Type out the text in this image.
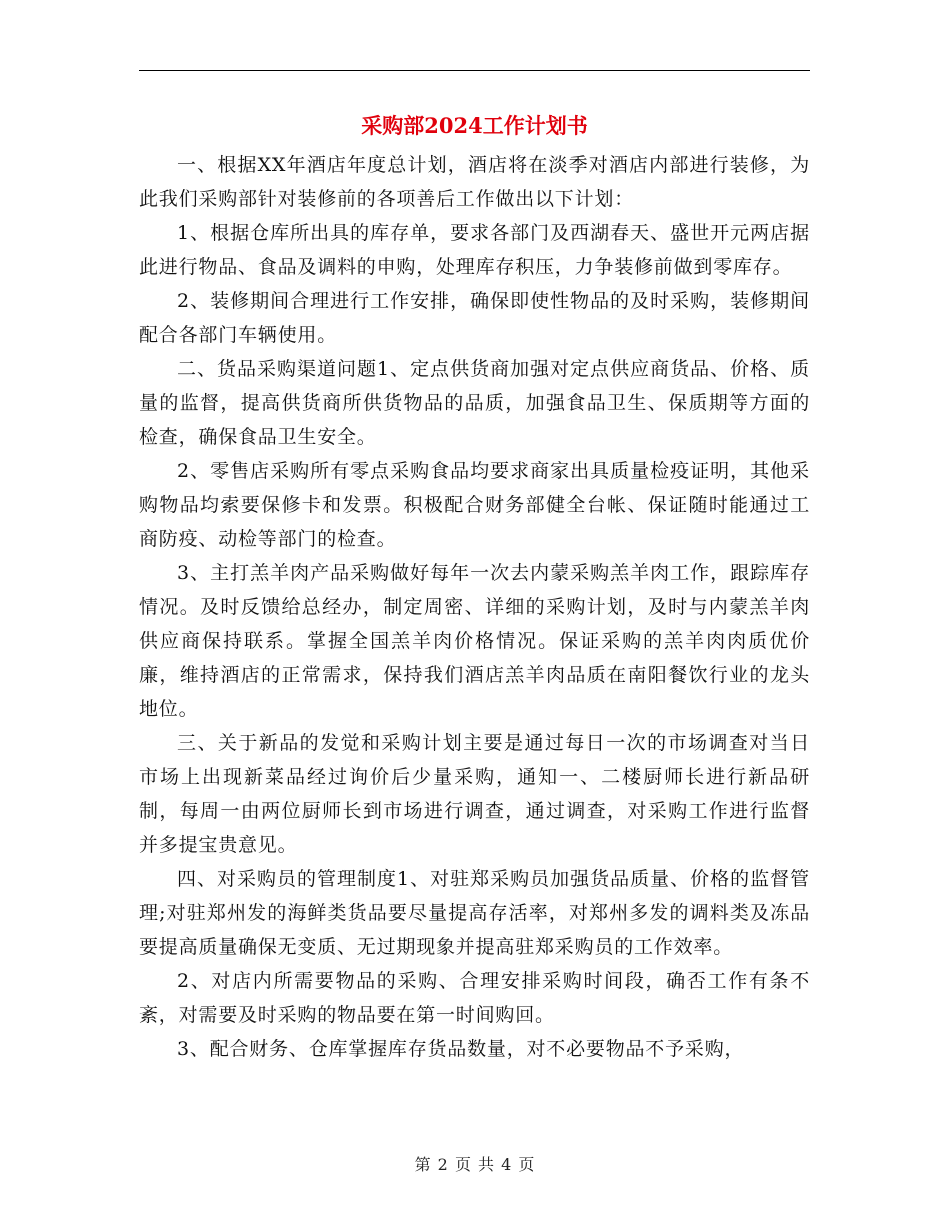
采购部2024工作计划书

一、根据XX年酒店年度总计划，酒店将在淡季对酒店内部进行装修，为此我们采购部针对装修前的各项善后工作做出以下计划：

1、根据仓库所出具的库存单，要求各部门及西湖春天、盛世开元两店据此进行物品、食品及调料的申购，处理库存积压，力争装修前做到零库存。

2、装修期间合理进行工作安排，确保即使性物品的及时采购，装修期间配合各部门车辆使用。

二、货品采购渠道问题1、定点供货商加强对定点供应商货品、价格、质量的监督，提高供货商所供货物品的品质，加强食品卫生、保质期等方面的检查，确保食品卫生安全。

2、零售店采购所有零点采购食品均要求商家出具质量检疫证明，其他采购物品均索要保修卡和发票。积极配合财务部健全台帐、保证随时能通过工商防疫、动检等部门的检查。

3、主打羔羊肉产品采购做好每年一次去内蒙采购羔羊肉工作，跟踪库存情况。及时反馈给总经办，制定周密、详细的采购计划，及时与内蒙羔羊肉供应商保持联系。掌握全国羔羊肉价格情况。保证采购的羔羊肉肉质优价廉，维持酒店的正常需求，保持我们酒店羔羊肉品质在南阳餐饮行业的龙头地位。

三、关于新品的发觉和采购计划主要是通过每日一次的市场调查对当日市场上出现新菜品经过询价后少量采购，通知一、二楼厨师长进行新品研制，每周一由两位厨师长到市场进行调查，通过调查，对采购工作进行监督并多提宝贵意见。

四、对采购员的管理制度1、对驻郑采购员加强货品质量、价格的监督管理;对驻郑州发的海鲜类货品要尽量提高存活率，对郑州多发的调料类及冻品要提高质量确保无变质、无过期现象并提高驻郑采购员的工作效率。

2、对店内所需要物品的采购、合理安排采购时间段，确否工作有条不紊，对需要及时采购的物品要在第一时间购回。

3、配合财务、仓库掌握库存货品数量，对不必要物品不予采购，

第 2 页 共 4 页
